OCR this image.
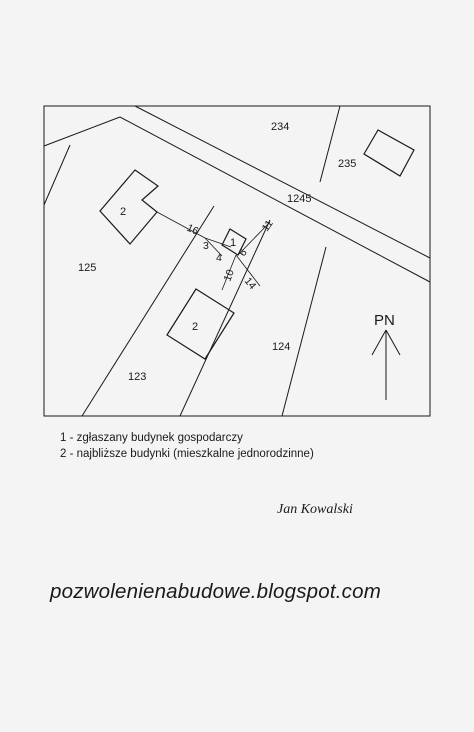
234
235
1245
125
124
123
2
1
2
16
3
4 6
11
10 14
PN
1 - zgłaszany budynek gospodarczy
2 - najbliższe budynki (mieszkalne jednorodzinne)
Jan Kowalski
pozwolenienabudowe.blogspot.com
